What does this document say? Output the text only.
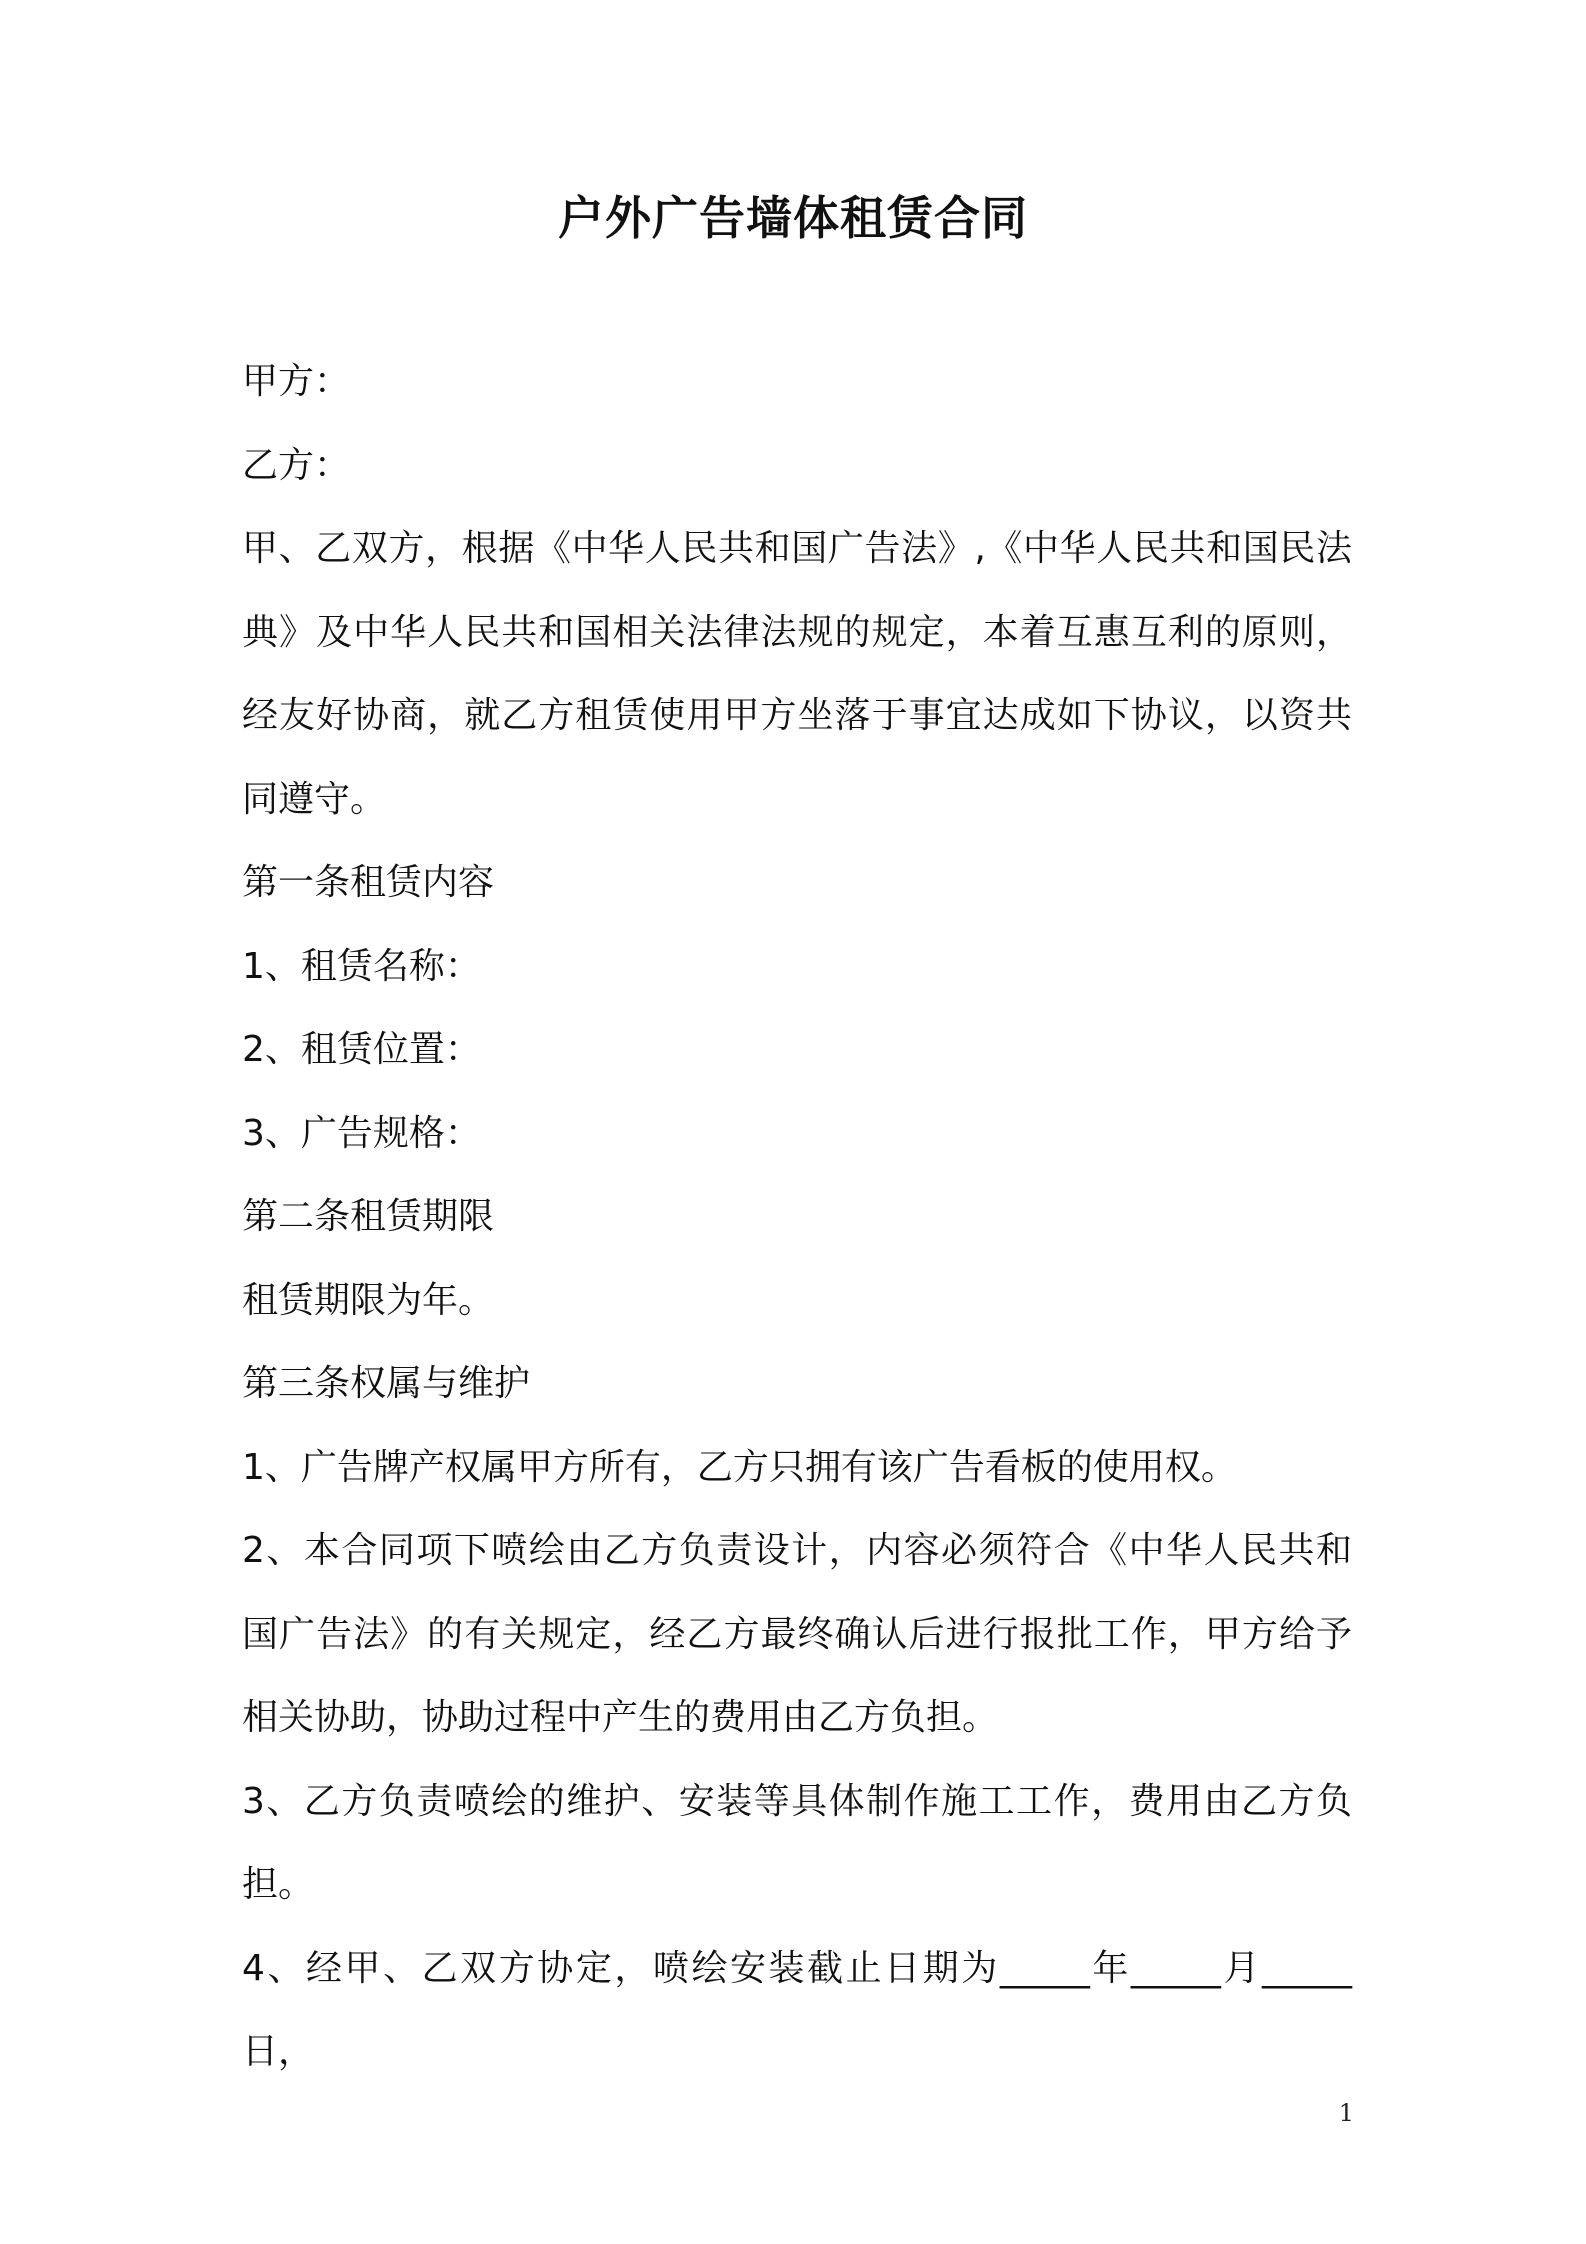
户外广告墙体租赁合同
甲方：
乙方：
甲、乙双方，根据《中华人民共和国广告法》,《中华人民共和国民法
典》及中华人民共和国相关法律法规的规定，本着互惠互利的原则，
经友好协商，就乙方租赁使用甲方坐落于事宜达成如下协议，以资共
同遵守。
第一条租赁内容
1、租赁名称：
2、租赁位置：
3、广告规格：
第二条租赁期限
租赁期限为年。
第三条权属与维护
1、广告牌产权属甲方所有，乙方只拥有该广告看板的使用权。
2、本合同项下喷绘由乙方负责设计，内容必须符合《中华人民共和
国广告法》的有关规定，经乙方最终确认后进行报批工作，甲方给予
相关协助，协助过程中产生的费用由乙方负担。
3、乙方负责喷绘的维护、安装等具体制作施工工作，费用由乙方负
担。
4、经甲、乙双方协定，喷绘安装截止日期为_____年_____月_____
日，
1
